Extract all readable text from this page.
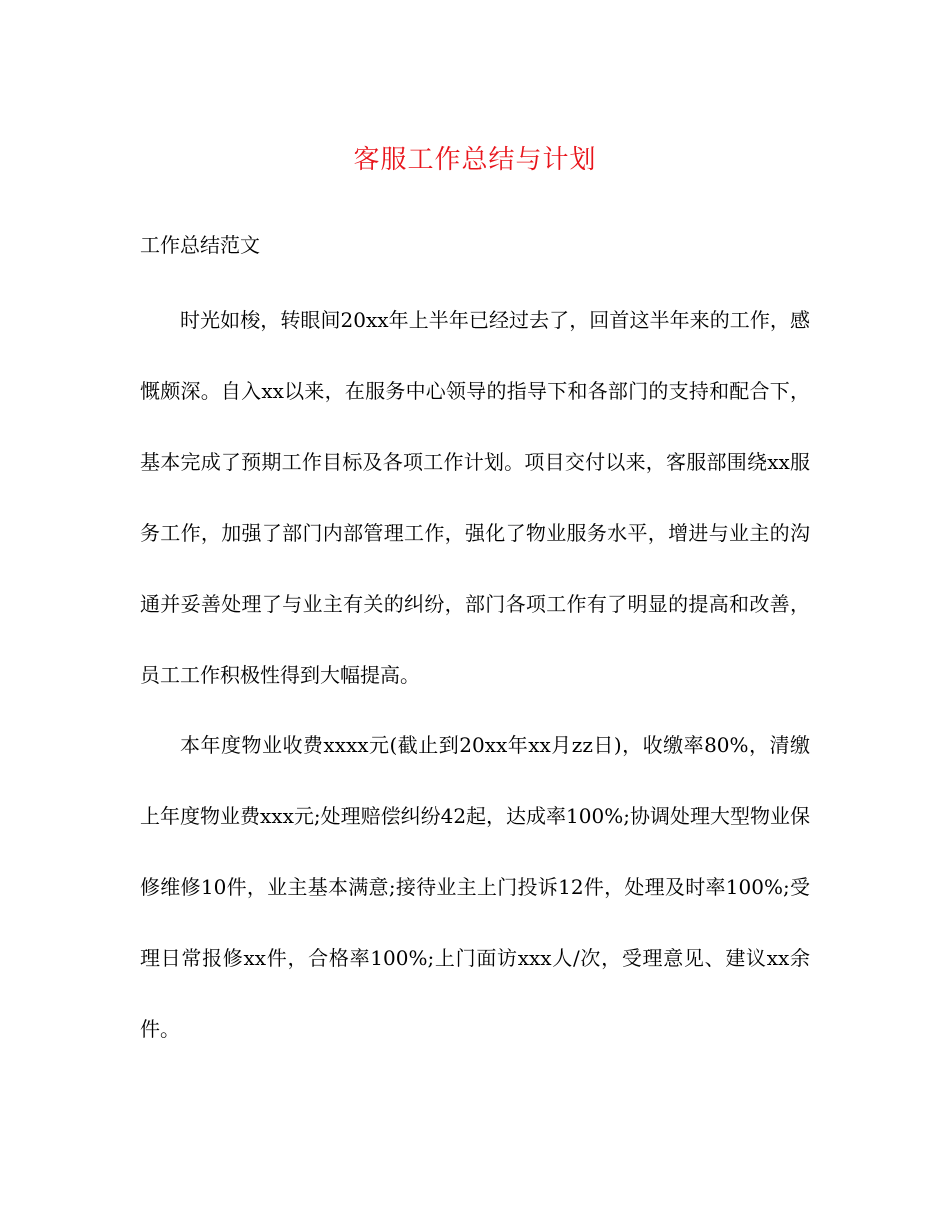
客服工作总结与计划
工作总结范文

时光如梭，转眼间20xx年上半年已经过去了，回首这半年来的工作，感慨颇深。自入xx以来，在服务中心领导的指导下和各部门的支持和配合下，基本完成了预期工作目标及各项工作计划。项目交付以来，客服部围绕xx服务工作，加强了部门内部管理工作，强化了物业服务水平，增进与业主的沟通并妥善处理了与业主有关的纠纷，部门各项工作有了明显的提高和改善，员工工作积极性得到大幅提高。

本年度物业收费xxxx元(截止到20xx年xx月zz日)，收缴率80%，清缴上年度物业费xxx元;处理赔偿纠纷42起，达成率100%;协调处理大型物业保修维修10件，业主基本满意;接待业主上门投诉12件，处理及时率100%;受理日常报修xx件，合格率100%;上门面访xxx人/次，受理意见、建议xx余件。
